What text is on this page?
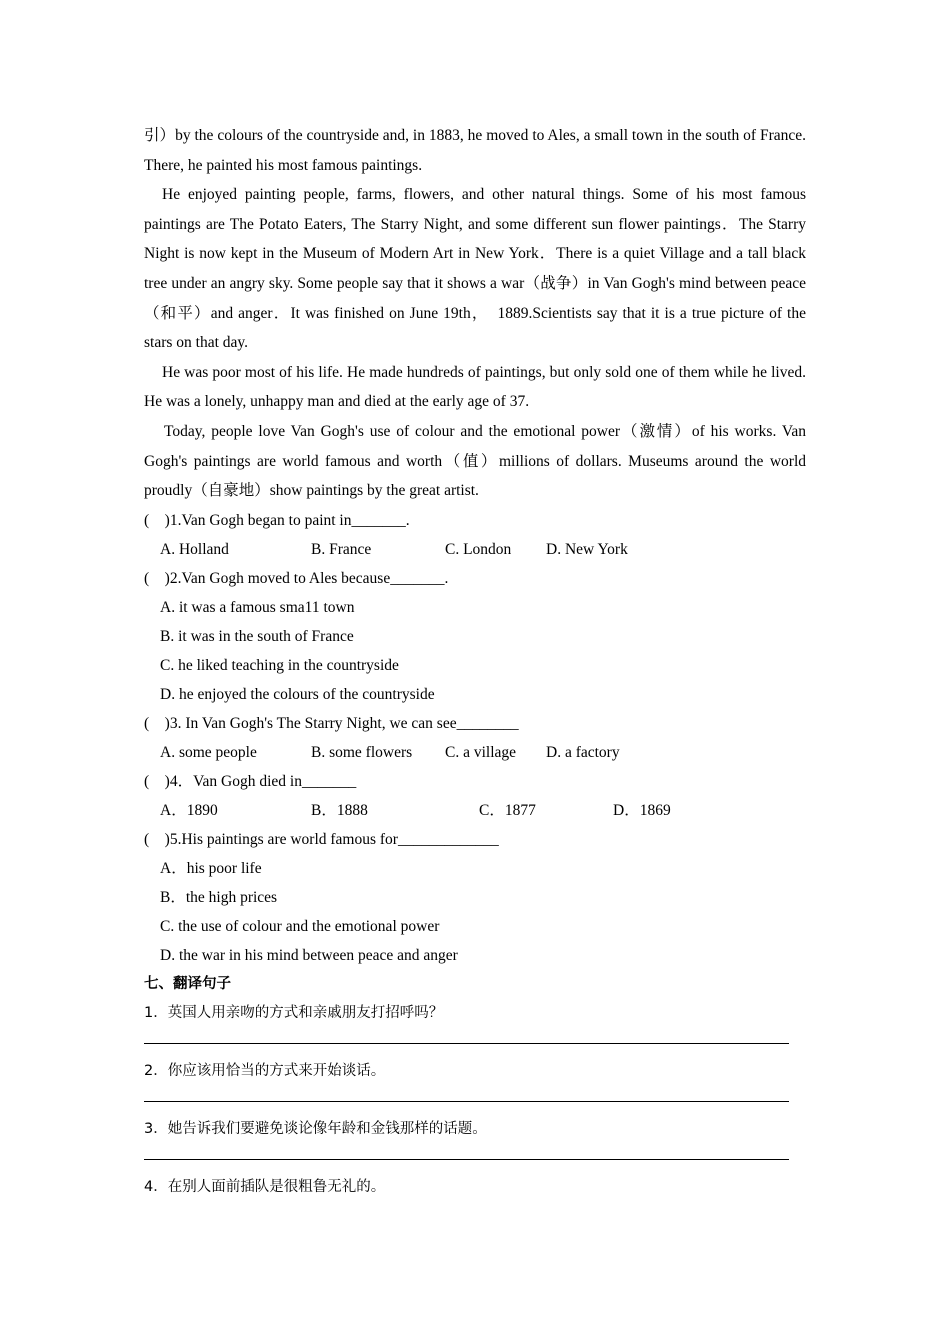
引）by the colours of the countryside and, in 1883, he moved to Ales, a small town in the south of France. There, he painted his most famous paintings.

He enjoyed painting people, farms, flowers, and other natural things. Some of his most famous paintings are The Potato Eaters, The Starry Night, and some different sun flower paintings．The Starry Night is now kept in the Museum of Modern Art in New York．There is a quiet Village and a tall black tree under an angry sky. Some people say that it shows a war（战争）in Van Gogh's mind between peace（和平）and anger．It was finished on June 19th，　1889.Scientists say that it is a true picture of the stars on that day.

He was poor most of his life. He made hundreds of paintings, but only sold one of them while he lived. He was a lonely, unhappy man and died at the early age of 37.

Today, people love Van Gogh's use of colour and the emotional power（激情）of his works. Van Gogh's paintings are world famous and worth（值）millions of dollars. Museums around the world proudly（自豪地）show paintings by the great artist.

(　)1.Van Gogh began to paint in_______.

A. Holland	B. France	C. London D. New York

(　)2.Van Gogh moved to Ales because_______.

A. it was a famous sma11 town

B. it was in the south of France

C. he liked teaching in the countryside

D. he enjoyed the colours of the countryside

(　)3. In Van Gogh's The Starry Night, we can see________

A. some people	B. some flowers C. a village D. a factory

(　)4．Van Gogh died in_______

A．1890	B．1888	C．1877	D．1869

(　)5.His paintings are world famous for_____________

A．his poor life

B．the high prices

C. the use of colour and the emotional power

D. the war in his mind between peace and anger

七、翻译句子

1．英国人用亲吻的方式和亲戚朋友打招呼吗？

2．你应该用恰当的方式来开始谈话。

3．她告诉我们要避免谈论像年龄和金钱那样的话题。

4．在别人面前插队是很粗鲁无礼的。
